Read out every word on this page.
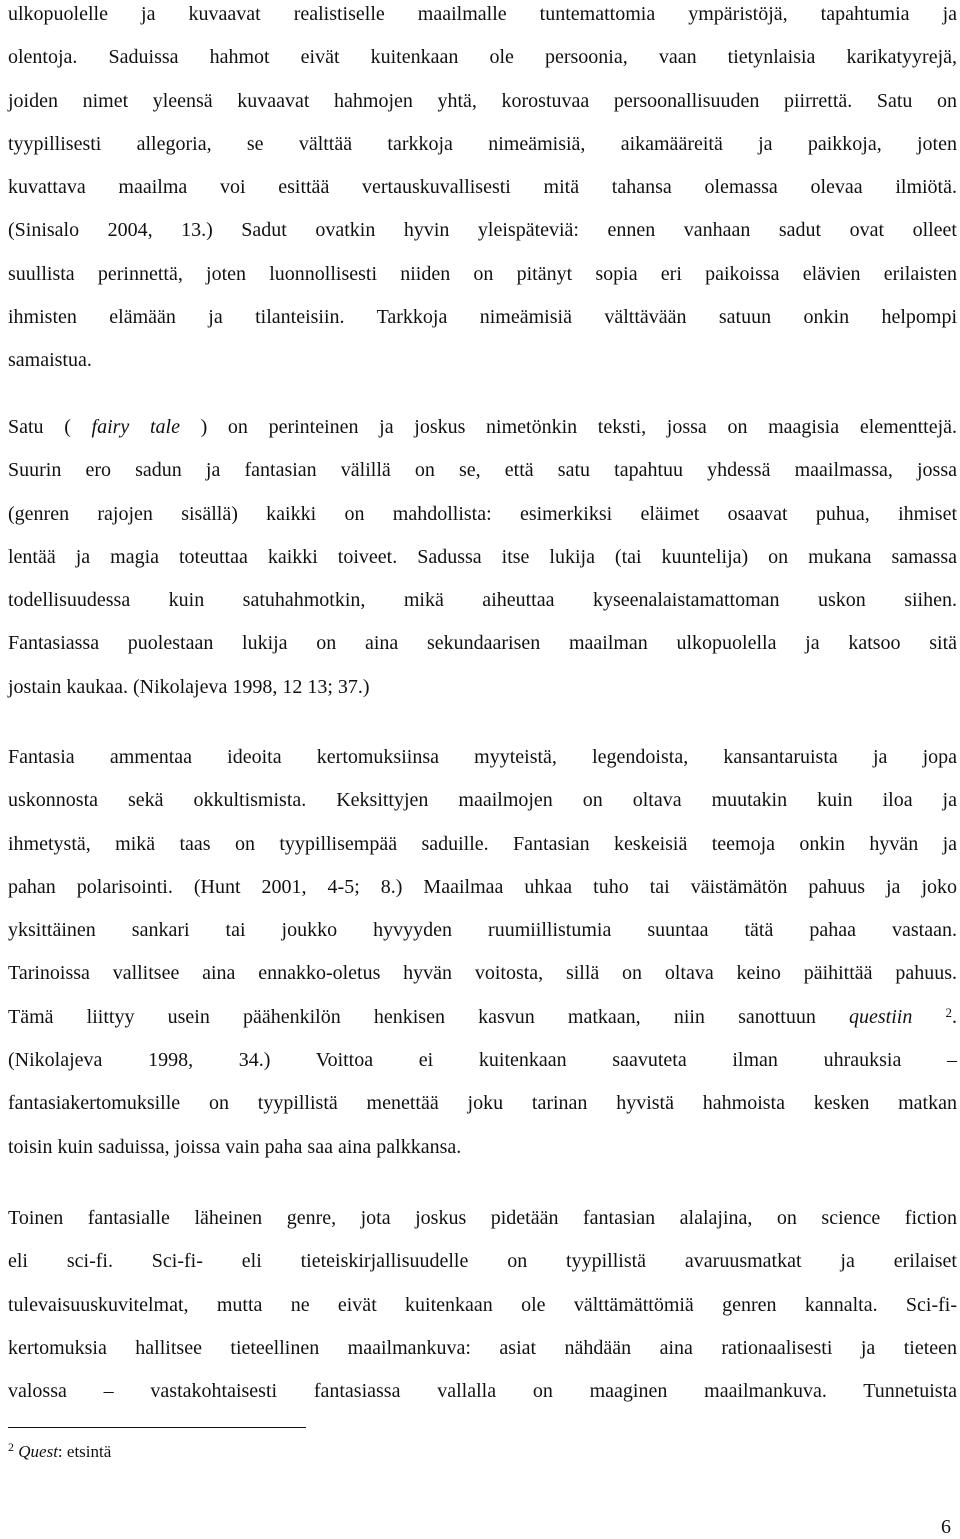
ulkopuolelle ja kuvaavat realistiselle maailmalle tuntemattomia ympäristöjä, tapahtumia ja
olentoja. Saduissa hahmot eivät kuitenkaan ole persoonia, vaan tietynlaisia karikatyyrejä,
joiden nimet yleensä kuvaavat hahmojen yhtä, korostuvaa persoonallisuuden piirrettä. Satu on
tyypillisesti allegoria, se välttää tarkkoja nimeämisiä, aikamääreitä ja paikkoja, joten
kuvattava maailma voi esittää vertauskuvallisesti mitä tahansa olemassa olevaa ilmiötä.
(Sinisalo 2004, 13.) Sadut ovatkin hyvin yleispäteviä: ennen vanhaan sadut ovat olleet
suullista perinnettä, joten luonnollisesti niiden on pitänyt sopia eri paikoissa elävien erilaisten
ihmisten elämään ja tilanteisiin. Tarkkoja nimeämisiä välttävään satuun onkin helpompi
samaistua.
Satu ( fairy tale ) on perinteinen ja joskus nimetönkin teksti, jossa on maagisia elementtejä.
Suurin ero sadun ja fantasian välillä on se, että satu tapahtuu yhdessä maailmassa, jossa
(genren rajojen sisällä) kaikki on mahdollista: esimerkiksi eläimet osaavat puhua, ihmiset
lentää ja magia toteuttaa kaikki toiveet. Sadussa itse lukija (tai kuuntelija) on mukana samassa
todellisuudessa kuin satuhahmotkin, mikä aiheuttaa kyseenalaistamattoman uskon siihen.
Fantasiassa puolestaan lukija on aina sekundaarisen maailman ulkopuolella ja katsoo sitä
jostain kaukaa. (Nikolajeva 1998, 12 13; 37.)
Fantasia ammentaa ideoita kertomuksiinsa myyteistä, legendoista, kansantaruista ja jopa
uskonnosta sekä okkultismista. Keksittyjen maailmojen on oltava muutakin kuin iloa ja
ihmetystä, mikä taas on tyypillisempää saduille. Fantasian keskeisiä teemoja onkin hyvän ja
pahan polarisointi. (Hunt 2001, 4-5; 8.) Maailmaa uhkaa tuho tai väistämätön pahuus ja joko
yksittäinen sankari tai joukko hyvyyden ruumiillistumia suuntaa tätä pahaa vastaan.
Tarinoissa vallitsee aina ennakko-oletus hyvän voitosta, sillä on oltava keino päihittää pahuus.
Tämä liittyy usein päähenkilön henkisen kasvun matkaan, niin sanottuun questiin	$^2$.
(Nikolajeva 1998, 34.) Voittoa ei kuitenkaan saavuteta ilman uhrauksia –
fantasiakertomuksille on tyypillistä menettää joku tarinan hyvistä hahmoista kesken matkan
toisin kuin saduissa, joissa vain paha saa aina palkkansa.
Toinen fantasialle läheinen genre, jota joskus pidetään fantasian alalajina, on science fiction
eli sci-fi. Sci-fi- eli tieteiskirjallisuudelle on tyypillistä avaruusmatkat ja erilaiset
tulevaisuuskuvitelmat, mutta ne eivät kuitenkaan ole välttämättömiä genren kannalta. Sci-fi-
kertomuksia hallitsee tieteellinen maailmankuva: asiat nähdään aina rationaalisesti ja tieteen
valossa – vastakohtaisesti fantasiassa vallalla on maaginen maailmankuva. Tunnetuista
$^2$ Quest: etsintä
6
